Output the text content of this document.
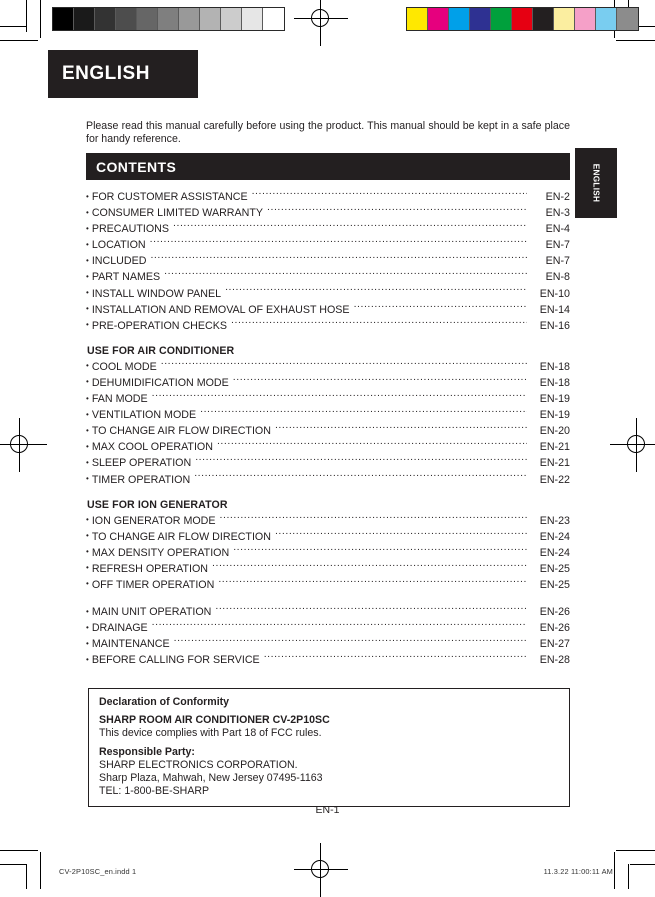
ENGLISH

Please read this manual carefully before using the product. This manual should be kept in a safe place for handy reference.

ENGLISH
CONTENTS
• FOR CUSTOMER ASSISTANCE .....	EN-2
• CONSUMER LIMITED WARRANTY .....	EN-3
• PRECAUTIONS .....	EN-4
• LOCATION .....	EN-7
• INCLUDED .....	EN-7
• PART NAMES .....	EN-8
• INSTALL WINDOW PANEL .....	EN-10
• INSTALLATION AND REMOVAL OF EXHAUST HOSE .....	EN-14
• PRE-OPERATION CHECKS .....	EN-16
USE FOR AIR CONDITIONER
• COOL MODE .....	EN-18
• DEHUMIDIFICATION MODE .....	EN-18
• FAN MODE .....	EN-19
• VENTILATION MODE .....	EN-19
• TO CHANGE AIR FLOW DIRECTION .....	EN-20
• MAX COOL OPERATION .....	EN-21
• SLEEP OPERATION .....	EN-21
• TIMER OPERATION .....	EN-22
USE FOR ION GENERATOR
• ION GENERATOR MODE .....	EN-23
• TO CHANGE AIR FLOW DIRECTION .....	EN-24
• MAX DENSITY OPERATION .....	EN-24
• REFRESH OPERATION .....	EN-25
• OFF TIMER OPERATION .....	EN-25
• MAIN UNIT OPERATION .....	EN-26
• DRAINAGE .....	EN-26
• MAINTENANCE .....	EN-27
• BEFORE CALLING FOR SERVICE .....	EN-28
Declaration of Conformity
SHARP ROOM AIR CONDITIONER CV-2P10SC
This device complies with Part 18 of FCC rules.
Responsible Party:
SHARP ELECTRONICS CORPORATION.
Sharp Plaza, Mahwah, New Jersey 07495-1163
TEL: 1-800-BE-SHARP
EN-1
CV-2P10SC_en.indd 1	11.3.22 11:00:11 AM
